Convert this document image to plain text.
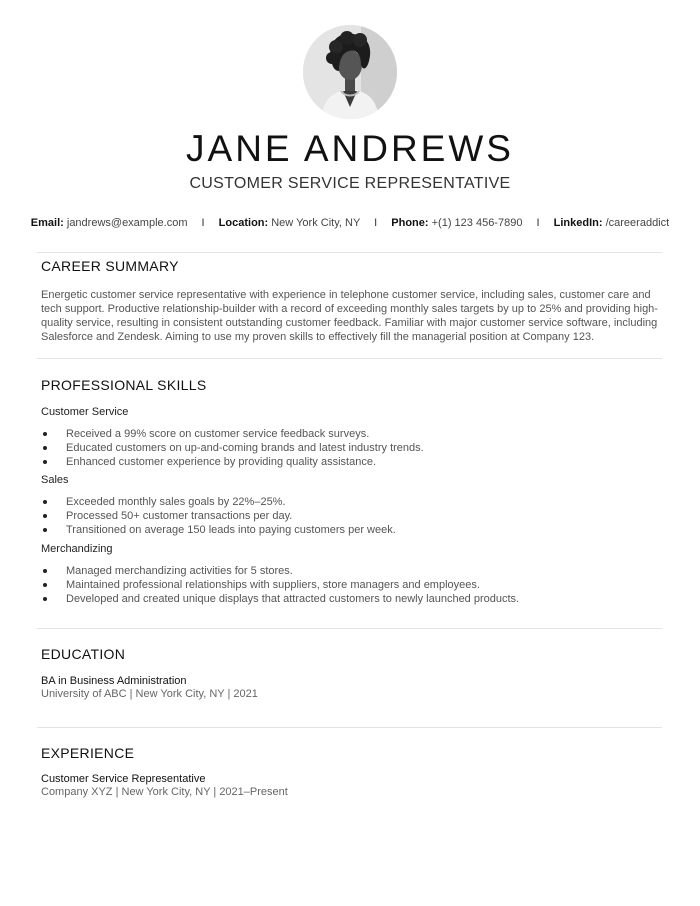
JANE ANDREWS
CUSTOMER SERVICE REPRESENTATIVE
Email: jandrews@example.com I Location: New York City, NY I Phone: +(1) 123 456-7890 I LinkedIn: /careeraddict
CAREER SUMMARY

Energetic customer service representative with experience in telephone customer service, including sales, customer care and tech support. Productive relationship-builder with a record of exceeding monthly sales targets by up to 25% and providing high-quality service, resulting in consistent outstanding customer feedback. Familiar with major customer service software, including Salesforce and Zendesk. Aiming to use my proven skills to effectively fill the managerial position at Company 123.

PROFESSIONAL SKILLS
Customer Service
Received a 99% score on customer service feedback surveys.
Educated customers on up-and-coming brands and latest industry trends.
Enhanced customer experience by providing quality assistance.
Sales
Exceeded monthly sales goals by 22%–25%.
Processed 50+ customer transactions per day.
Transitioned on average 150 leads into paying customers per week.
Merchandizing
Managed merchandizing activities for 5 stores.
Maintained professional relationships with suppliers, store managers and employees.
Developed and created unique displays that attracted customers to newly launched products.
EDUCATION
BA in Business Administration
University of ABC | New York City, NY | 2021
EXPERIENCE
Customer Service Representative
Company XYZ | New York City, NY | 2021–Present
